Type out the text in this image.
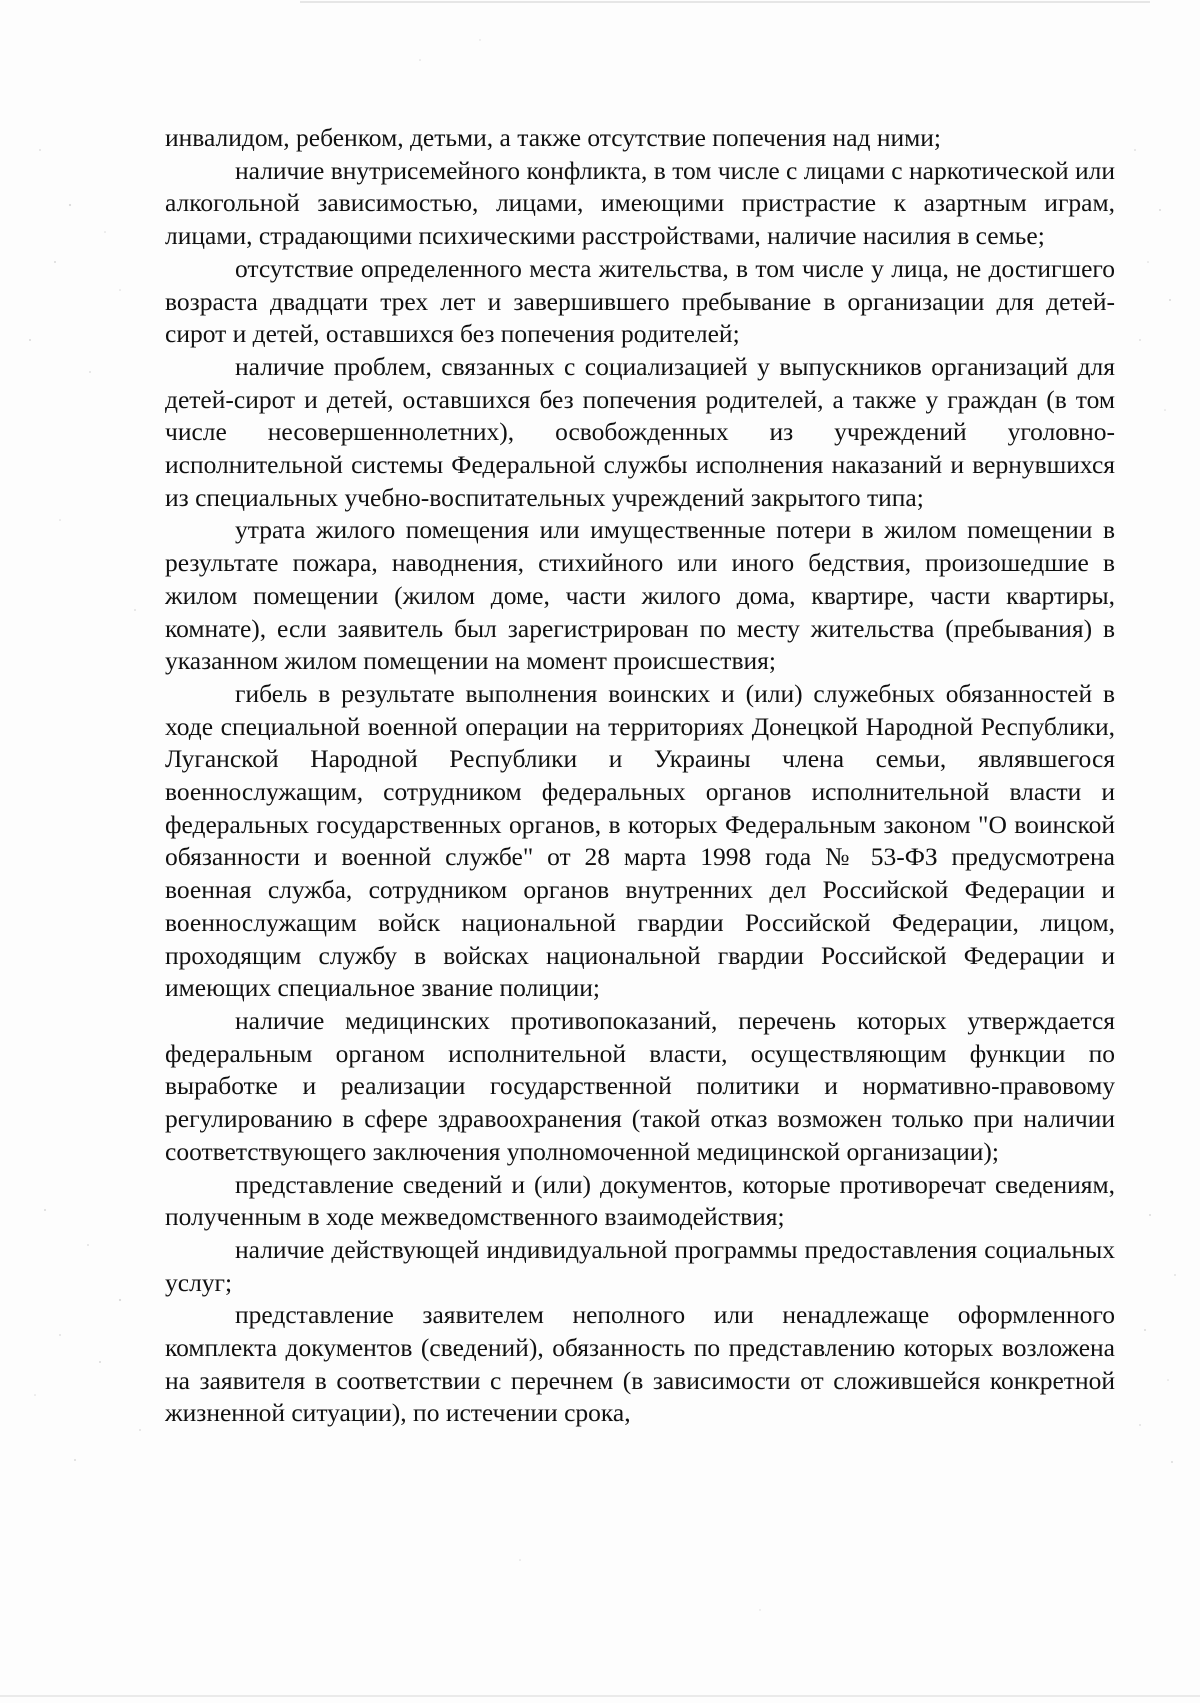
инвалидом, ребенком, детьми, а также отсутствие попечения над ними;

наличие внутрисемейного конфликта, в том числе с лицами с наркотической или алкогольной зависимостью, лицами, имеющими пристрастие к азартным играм, лицами, страдающими психическими расстройствами, наличие насилия в семье;

отсутствие определенного места жительства, в том числе у лица, не достигшего возраста двадцати трех лет и завершившего пребывание в организации для детей-сирот и детей, оставшихся без попечения родителей;

наличие проблем, связанных с социализацией у выпускников организаций для детей-сирот и детей, оставшихся без попечения родителей, а также у граждан (в том числе несовершеннолетних), освобожденных из учреждений уголовно-исполнительной системы Федеральной службы исполнения наказаний и вернувшихся из специальных учебно-воспитательных учреждений закрытого типа;

утрата жилого помещения или имущественные потери в жилом помещении в результате пожара, наводнения, стихийного или иного бедствия, произошедшие в жилом помещении (жилом доме, части жилого дома, квартире, части квартиры, комнате), если заявитель был зарегистрирован по месту жительства (пребывания) в указанном жилом помещении на момент происшествия;

гибель в результате выполнения воинских и (или) служебных обязанностей в ходе специальной военной операции на территориях Донецкой Народной Республики, Луганской Народной Республики и Украины члена семьи, являвшегося военнослужащим, сотрудником федеральных органов исполнительной власти и федеральных государственных органов, в которых Федеральным законом "О воинской обязанности и военной службе" от 28 марта 1998 года № 53-ФЗ предусмотрена военная служба, сотрудником органов внутренних дел Российской Федерации и военнослужащим войск национальной гвардии Российской Федерации, лицом, проходящим службу в войсках национальной гвардии Российской Федерации и имеющих специальное звание полиции;

наличие медицинских противопоказаний, перечень которых утверждается федеральным органом исполнительной власти, осуществляющим функции по выработке и реализации государственной политики и нормативно-правовому регулированию в сфере здравоохранения (такой отказ возможен только при наличии соответствующего заключения уполномоченной медицинской организации);

представление сведений и (или) документов, которые противоречат сведениям, полученным в ходе межведомственного взаимодействия;

наличие действующей индивидуальной программы предоставления социальных услуг;

представление заявителем неполного или ненадлежаще оформленного комплекта документов (сведений), обязанность по представлению которых возложена на заявителя в соответствии с перечнем (в зависимости от сложившейся конкретной жизненной ситуации), по истечении срока,
